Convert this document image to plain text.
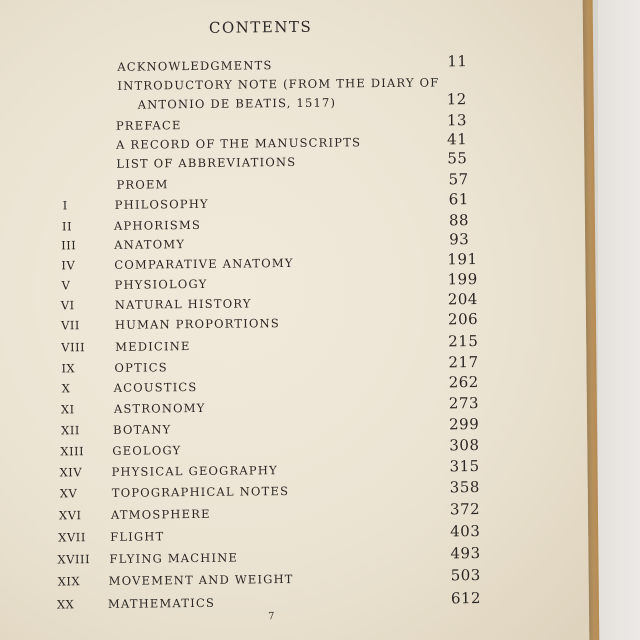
CONTENTS
ACKNOWLEDGMENTS	11
INTRODUCTORY NOTE (FROM THE DIARY OF
ANTONIO DE BEATIS, 1517)	12
PREFACE	13
A RECORD OF THE MANUSCRIPTS	41
LIST OF ABBREVIATIONS	55
PROEM	57
I	PHILOSOPHY	61
II	APHORISMS	88
III	ANATOMY	93
IV	COMPARATIVE ANATOMY	191
V	PHYSIOLOGY	199
VI	NATURAL HISTORY	204
VII	HUMAN PROPORTIONS	206
VIII	MEDICINE	215
IX	OPTICS	217
X	ACOUSTICS	262
XI	ASTRONOMY	273
XII	BOTANY	299
XIII GEOLOGY	308
XIV	PHYSICAL GEOGRAPHY	315
XV	TOPOGRAPHICAL NOTES	358
XVI	ATMOSPHERE	372
XVII FLIGHT	403
XVIII FLYING MACHINE	493
XIX MOVEMENT AND WEIGHT	503
XX	MATHEMATICS	612
7
